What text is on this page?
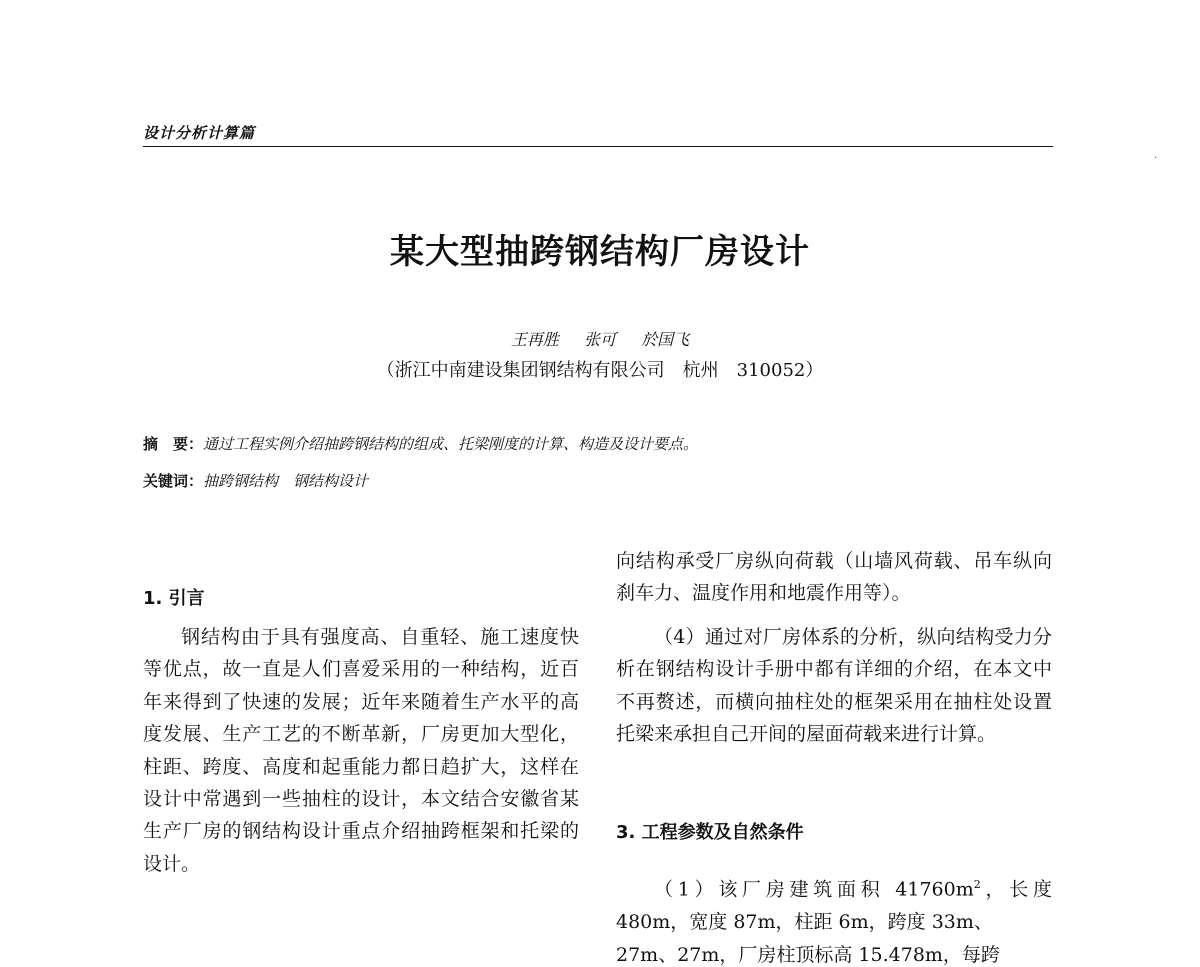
设计分析计算篇
.
某大型抽跨钢结构厂房设计
王再胜 张可 於国飞
（浙江中南建设集团钢结构有限公司　杭州　310052）
摘　要：通过工程实例介绍抽跨钢结构的组成、托梁刚度的计算、构造及设计要点。
关键词：抽跨钢结构　钢结构设计
1. 引言
钢结构由于具有强度高、自重轻、施工速度快等优点，故一直是人们喜爱采用的一种结构，近百年来得到了快速的发展；近年来随着生产水平的高度发展、生产工艺的不断革新，厂房更加大型化，柱距、跨度、高度和起重能力都日趋扩大，这样在设计中常遇到一些抽柱的设计，本文结合安徽省某生产厂房的钢结构设计重点介绍抽跨框架和托梁的设计。
向结构承受厂房纵向荷载（山墙风荷载、吊车纵向刹车力、温度作用和地震作用等）。
（4）通过对厂房体系的分析，纵向结构受力分析在钢结构设计手册中都有详细的介绍，在本文中不再赘述，而横向抽柱处的框架采用在抽柱处设置托梁来承担自己开间的屋面荷载来进行计算。
3. 工程参数及自然条件
（1）该厂房建筑面积 $41760m^2$，长度 480m，宽度 87m，柱距 6m，跨度 33m、
27m、27m，厂房柱顶标高 15.478m，每跨
